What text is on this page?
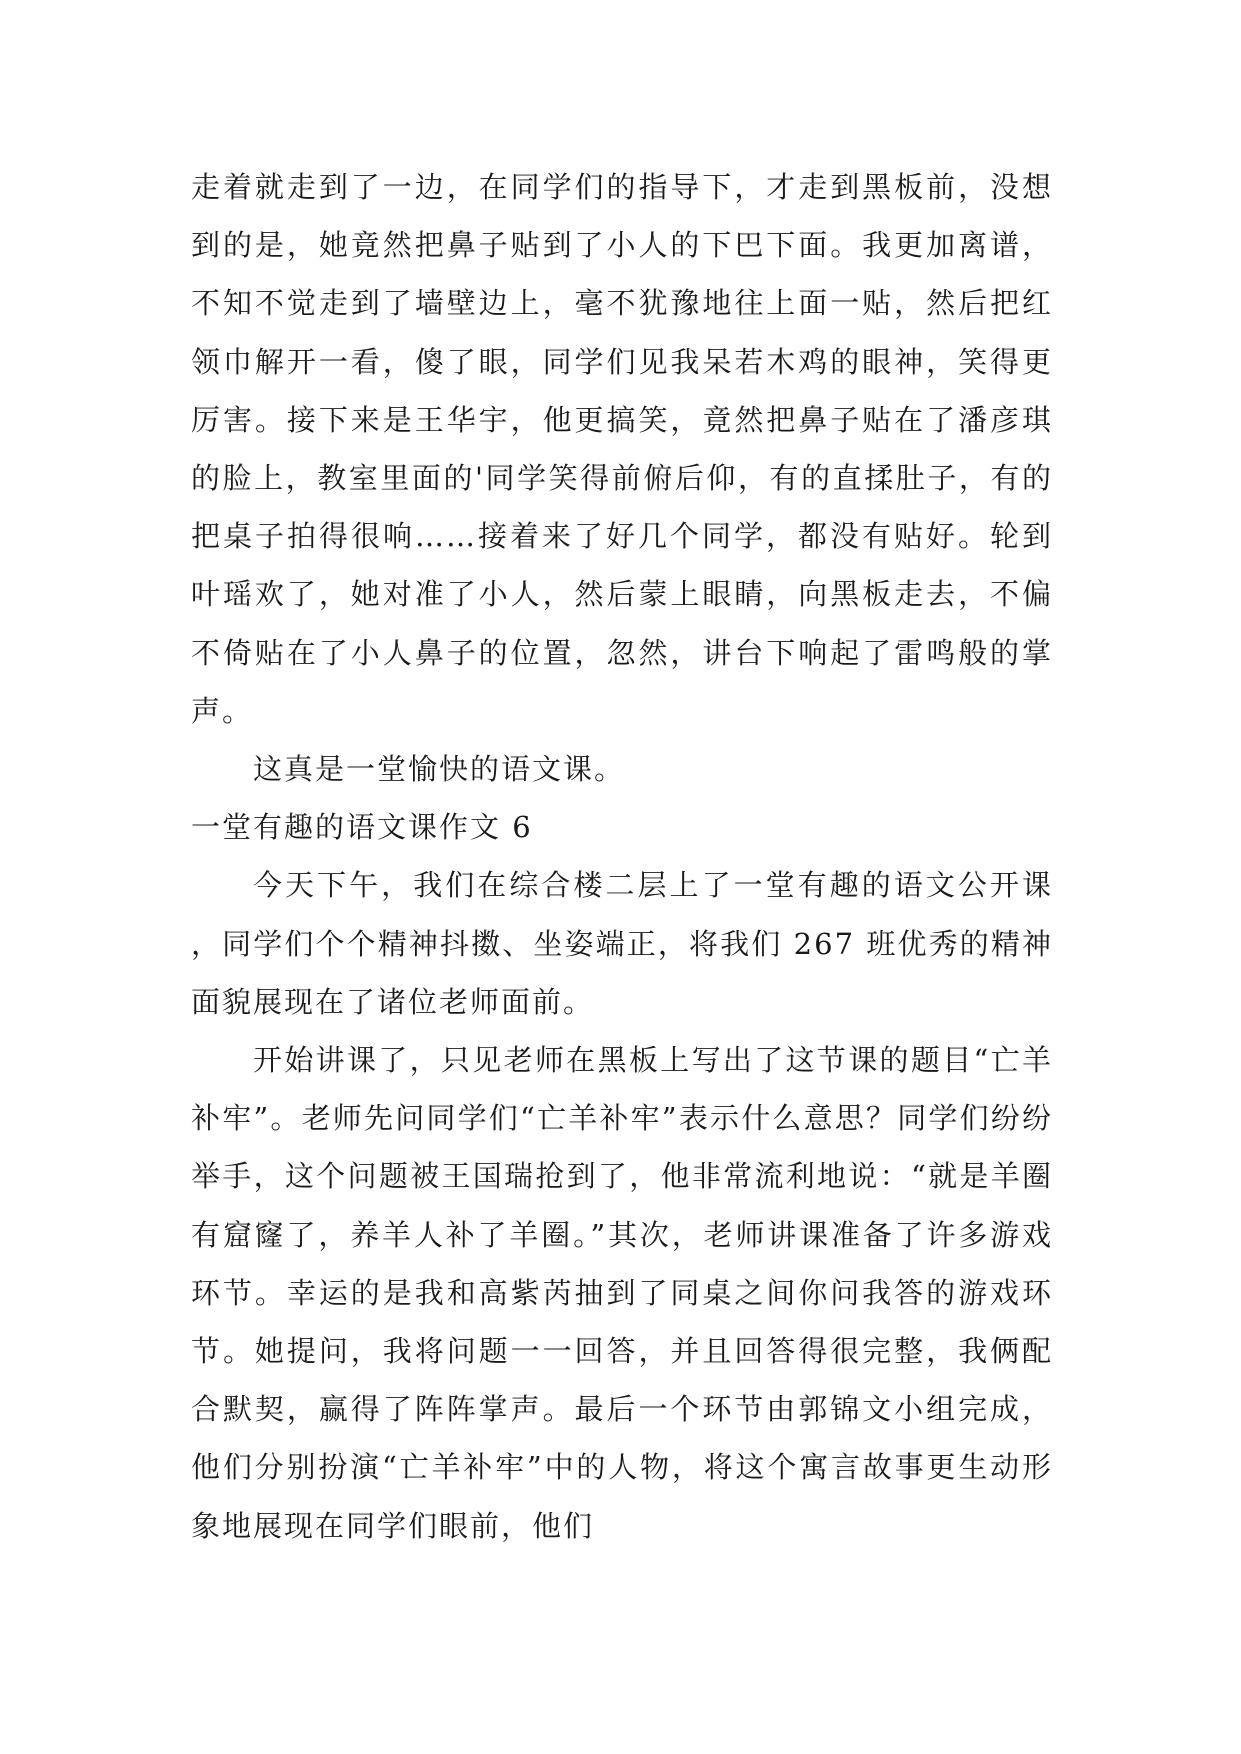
走着就走到了一边，在同学们的指导下，才走到黑板前，没想到的是，她竟然把鼻子贴到了小人的下巴下面。我更加离谱，不知不觉走到了墙壁边上，毫不犹豫地往上面一贴，然后把红领巾解开一看，傻了眼，同学们见我呆若木鸡的眼神，笑得更厉害。接下来是王华宇，他更搞笑，竟然把鼻子贴在了潘彦琪的脸上，教室里面的'同学笑得前俯后仰，有的直揉肚子，有的把桌子拍得很响……接着来了好几个同学，都没有贴好。轮到叶瑶欢了，她对准了小人，然后蒙上眼睛，向黑板走去，不偏不倚贴在了小人鼻子的位置，忽然，讲台下响起了雷鸣般的掌声。

这真是一堂愉快的语文课。

一堂有趣的语文课作文 6

今天下午，我们在综合楼二层上了一堂有趣的语文公开课，同学们个个精神抖擞、坐姿端正，将我们 267 班优秀的精神面貌展现在了诸位老师面前。

开始讲课了，只见老师在黑板上写出了这节课的题目“亡羊补牢”。老师先问同学们“亡羊补牢”表示什么意思？同学们纷纷举手，这个问题被王国瑞抢到了，他非常流利地说：“就是羊圈有窟窿了，养羊人补了羊圈。”其次，老师讲课准备了许多游戏环节。幸运的是我和高紫芮抽到了同桌之间你问我答的游戏环节。她提问，我将问题一一回答，并且回答得很完整，我俩配合默契，赢得了阵阵掌声。最后一个环节由郭锦文小组完成，他们分别扮演“亡羊补牢”中的人物，将这个寓言故事更生动形象地展现在同学们眼前，他们
